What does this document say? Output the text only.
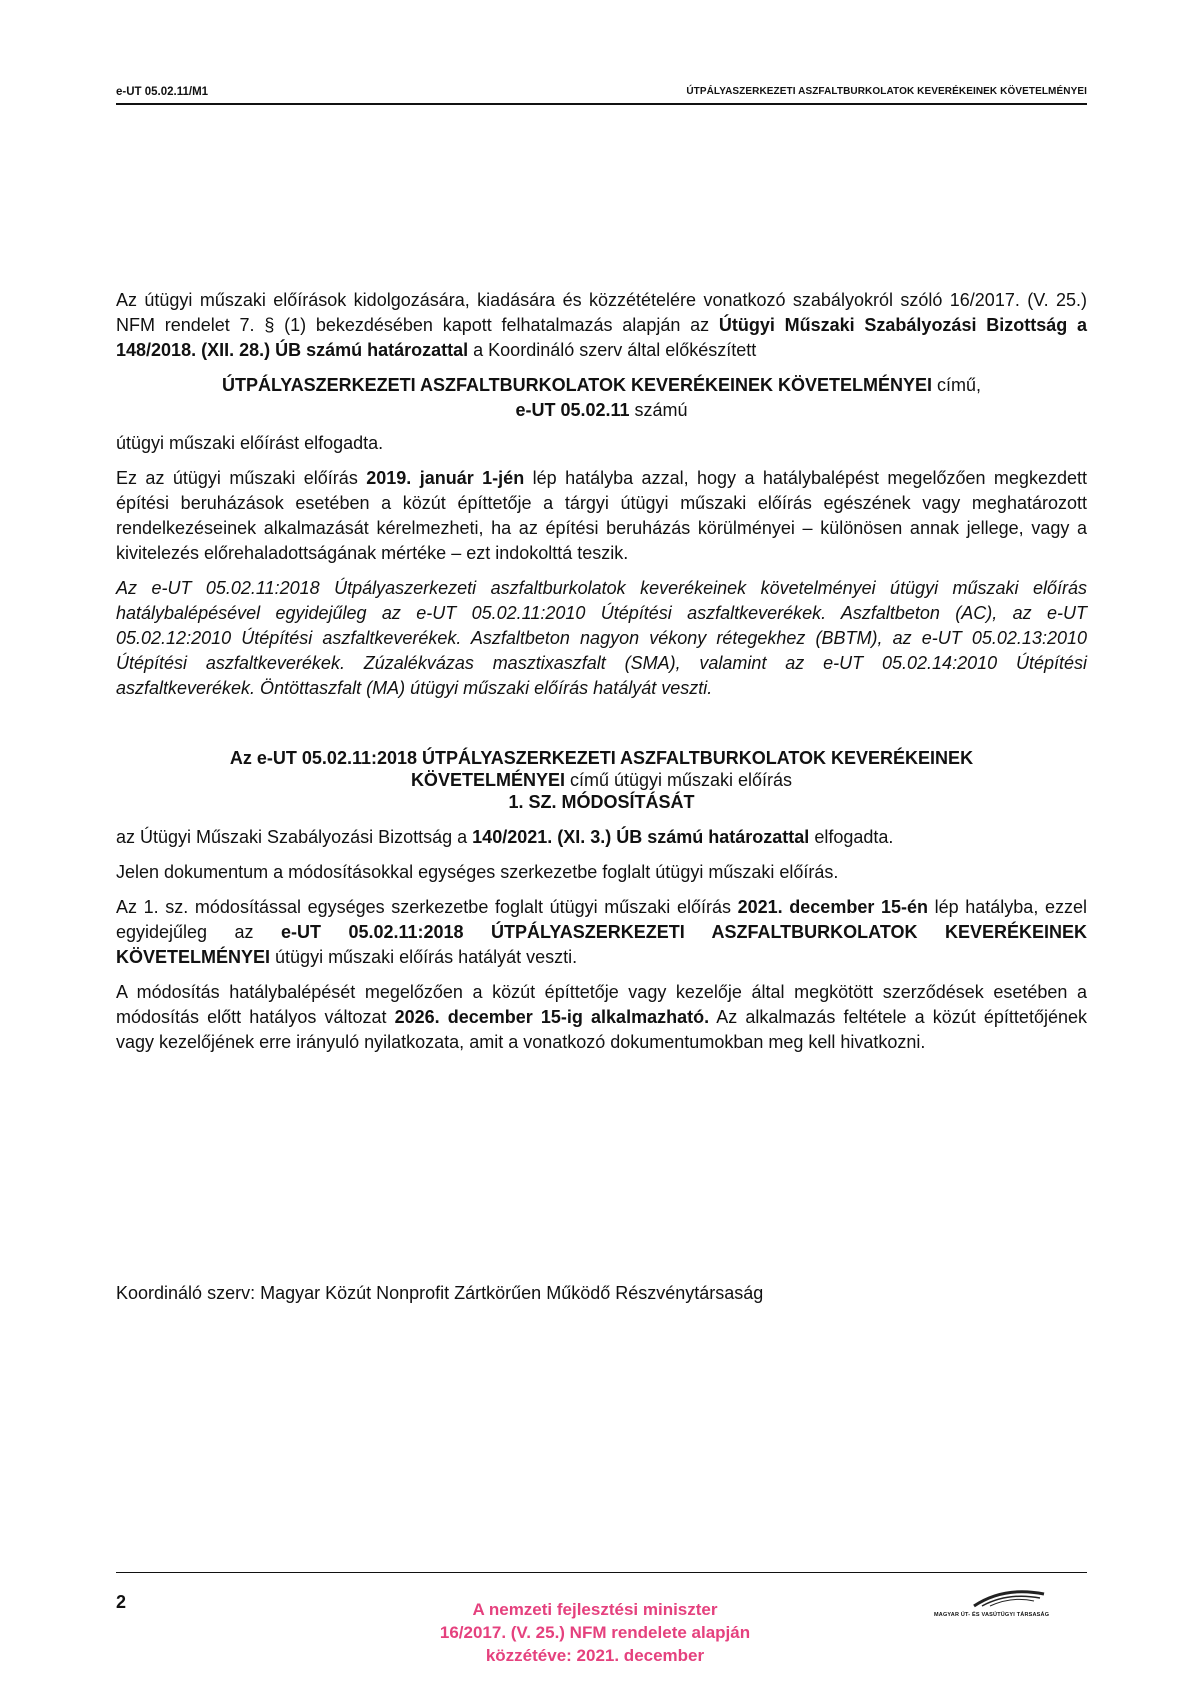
e-UT 05.02.11/M1	ÚTPÁLYASZERKEZETI ASZFALTBURKOLATOK KEVERÉKEINEK KÖVETELMÉNYEI

Az útügyi műszaki előírások kidolgozására, kiadására és közzétételére vonatkozó szabályokról szóló 16/2017. (V. 25.) NFM rendelet 7. § (1) bekezdésében kapott felhatalmazás alapján az Útügyi Műszaki Szabályozási Bizottság a 148/2018. (XII. 28.) ÚB számú határozattal a Koordináló szerv által előkészített

ÚTPÁLYASZERKEZETI ASZFALTBURKOLATOK KEVERÉKEINEK KÖVETELMÉNYEI című,
e-UT 05.02.11 számú

útügyi műszaki előírást elfogadta.

Ez az útügyi műszaki előírás 2019. január 1-jén lép hatályba azzal, hogy a hatálybalépést megelőzően megkezdett építési beruházások esetében a közút építtetője a tárgyi útügyi műszaki előírás egészének vagy meghatározott rendelkezéseinek alkalmazását kérelmezheti, ha az építési beruházás körülményei – különösen annak jellege, vagy a kivitelezés előrehaladottságának mértéke – ezt indokolttá teszik.

Az e-UT 05.02.11:2018 Útpályaszerkezeti aszfaltburkolatok keverékeinek követelményei útügyi műszaki előírás hatálybalépésével egyidejűleg az e-UT 05.02.11:2010 Útépítési aszfaltkeverékek. Aszfaltbeton (AC), az e-UT 05.02.12:2010 Útépítési aszfaltkeverékek. Aszfaltbeton nagyon vékony rétegekhez (BBTM), az e-UT 05.02.13:2010 Útépítési aszfaltkeverékek. Zúzalékvázas masztixaszfalt (SMA), valamint az e-UT 05.02.14:2010 Útépítési aszfaltkeverékek. Öntöttaszfalt (MA) útügyi műszaki előírás hatályát veszti.

Az e-UT 05.02.11:2018 ÚTPÁLYASZERKEZETI ASZFALTBURKOLATOK KEVERÉKEINEK
KÖVETELMÉNYEI című útügyi műszaki előírás
1. SZ. MÓDOSÍTÁSÁT

az Útügyi Műszaki Szabályozási Bizottság a 140/2021. (XI. 3.) ÚB számú határozattal elfogadta.

Jelen dokumentum a módosításokkal egységes szerkezetbe foglalt útügyi műszaki előírás.

Az 1. sz. módosítással egységes szerkezetbe foglalt útügyi műszaki előírás 2021. december 15-én lép hatályba, ezzel egyidejűleg az e-UT 05.02.11:2018 ÚTPÁLYASZERKEZETI ASZFALTBURKOLATOK KEVERÉKEINEK KÖVETELMÉNYEI útügyi műszaki előírás hatályát veszti.

A módosítás hatálybalépését megelőzően a közút építtetője vagy kezelője által megkötött szerződések esetében a módosítás előtt hatályos változat 2026. december 15-ig alkalmazható. Az alkalmazás feltétele a közút építtetőjének vagy kezelőjének erre irányuló nyilatkozata, amit a vonatkozó dokumentumokban meg kell hivatkozni.

Koordináló szerv: Magyar Közút Nonprofit Zártkörűen Működő Részvénytársaság
2	A nemzeti fejlesztési miniszter
16/2017. (V. 25.) NFM rendelete alapján
közzétéve: 2021. december
MAGYAR ÚT- ÉS VASÚTÜGYI TÁRSASÁG
